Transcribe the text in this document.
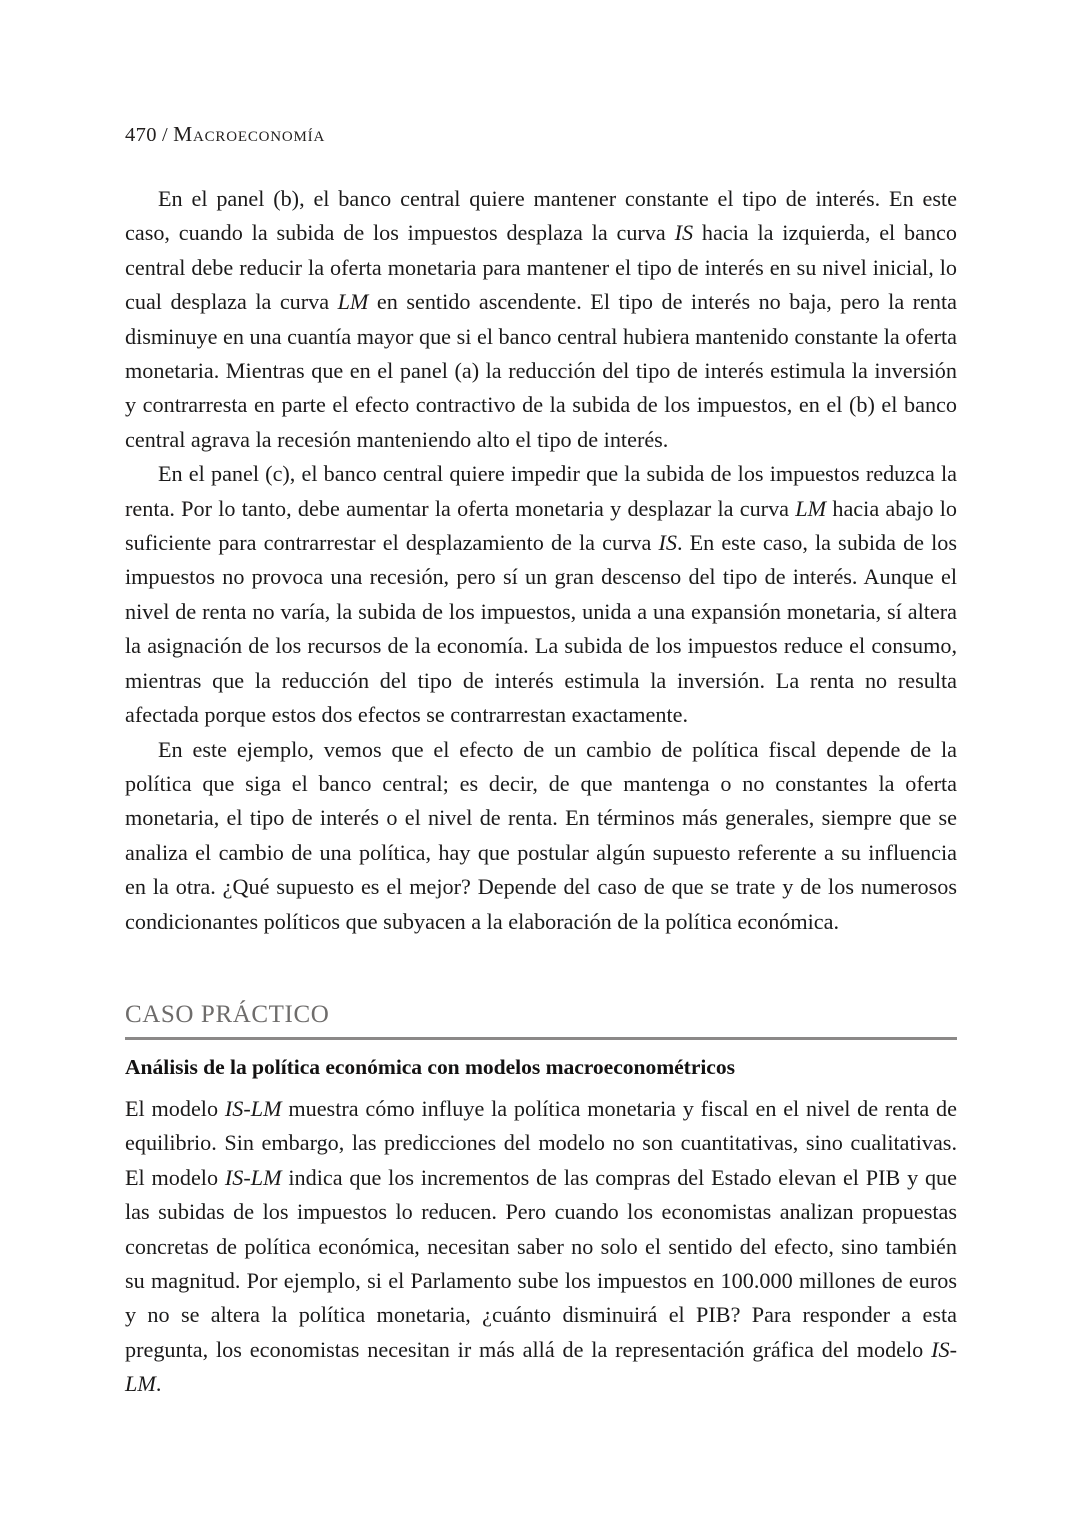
470 / Macroeconomía

En el panel (b), el banco central quiere mantener constante el tipo de interés. En este caso, cuando la subida de los impuestos desplaza la curva IS hacia la izquierda, el banco central debe reducir la oferta monetaria para mantener el tipo de interés en su nivel inicial, lo cual desplaza la curva LM en sentido ascendente. El tipo de interés no baja, pero la renta disminuye en una cuantía mayor que si el banco central hubiera mantenido constante la oferta monetaria. Mientras que en el panel (a) la reducción del tipo de interés estimula la inversión y contrarresta en parte el efecto contractivo de la subida de los impuestos, en el (b) el banco central agrava la recesión manteniendo alto el tipo de interés.

En el panel (c), el banco central quiere impedir que la subida de los impuestos reduzca la renta. Por lo tanto, debe aumentar la oferta monetaria y desplazar la curva LM hacia abajo lo suficiente para contrarrestar el desplazamiento de la curva IS. En este caso, la subida de los impuestos no provoca una recesión, pero sí un gran descenso del tipo de interés. Aunque el nivel de renta no varía, la subida de los impuestos, unida a una expansión monetaria, sí altera la asignación de los recursos de la economía. La subida de los impuestos reduce el consumo, mientras que la reducción del tipo de interés estimula la inversión. La renta no resulta afectada porque estos dos efectos se contrarrestan exactamente.

En este ejemplo, vemos que el efecto de un cambio de política fiscal depende de la política que siga el banco central; es decir, de que mantenga o no constantes la oferta monetaria, el tipo de interés o el nivel de renta. En términos más generales, siempre que se analiza el cambio de una política, hay que postular algún supuesto referente a su influencia en la otra. ¿Qué supuesto es el mejor? Depende del caso de que se trate y de los numerosos condicionantes políticos que subyacen a la elaboración de la política económica.

CASO PRÁCTICO
Análisis de la política económica con modelos macroeconométricos

El modelo IS-LM muestra cómo influye la política monetaria y fiscal en el nivel de renta de equilibrio. Sin embargo, las predicciones del modelo no son cuantitativas, sino cualitativas. El modelo IS-LM indica que los incrementos de las compras del Estado elevan el PIB y que las subidas de los impuestos lo reducen. Pero cuando los economistas analizan propuestas concretas de política económica, necesitan saber no solo el sentido del efecto, sino también su magnitud. Por ejemplo, si el Parlamento sube los impuestos en 100.000 millones de euros y no se altera la política monetaria, ¿cuánto disminuirá el PIB? Para responder a esta pregunta, los economistas necesitan ir más allá de la representación gráfica del modelo IS-LM.
